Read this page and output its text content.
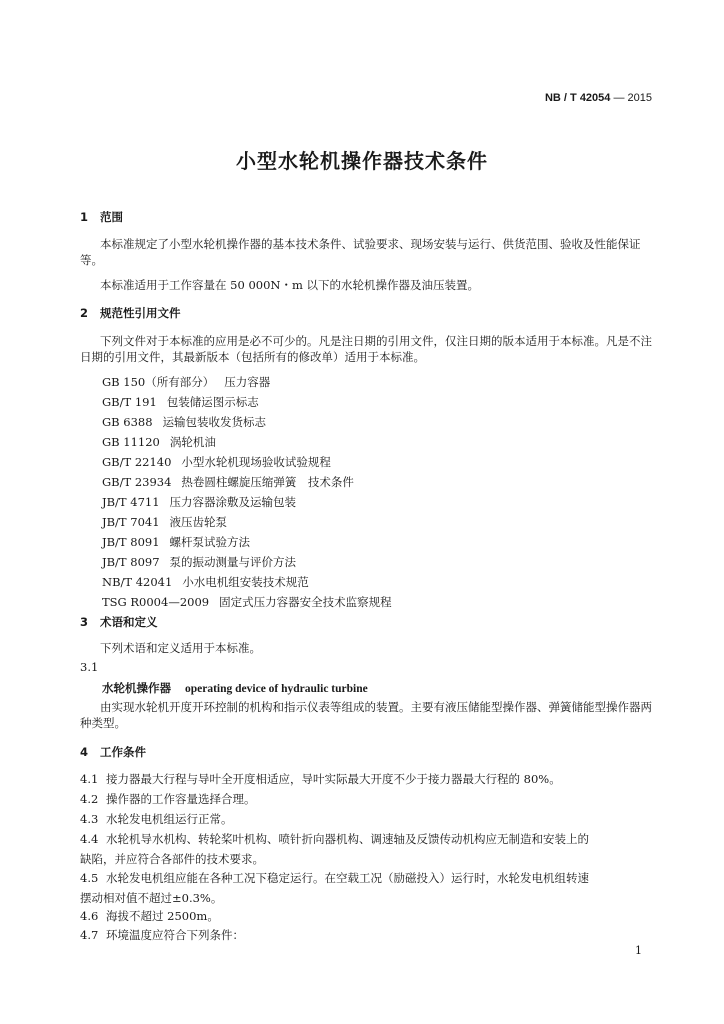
NB / T 42054 — 2015
小型水轮机操作器技术条件
1 范围
本标准规定了小型水轮机操作器的基本技术条件、试验要求、现场安装与运行、供货范围、验收及性能保证等。
本标准适用于工作容量在 50 000N・m 以下的水轮机操作器及油压装置。
2 规范性引用文件
下列文件对于本标准的应用是必不可少的。凡是注日期的引用文件，仅注日期的版本适用于本标准。凡是不注日期的引用文件，其最新版本（包括所有的修改单）适用于本标准。
GB 150（所有部分） 压力容器
GB/T 191 包装储运图示标志
GB 6388 运输包装收发货标志
GB 11120 涡轮机油
GB/T 22140 小型水轮机现场验收试验规程
GB/T 23934 热卷圆柱螺旋压缩弹簧　技术条件
JB/T 4711 压力容器涂敷及运输包装
JB/T 7041 液压齿轮泵
JB/T 8091 螺杆泵试验方法
JB/T 8097 泵的振动测量与评价方法
NB/T 42041 小水电机组安装技术规范
TSG R0004—2009 固定式压力容器安全技术监察规程
3 术语和定义
下列术语和定义适用于本标准。
3.1
水轮机操作器 operating device of hydraulic turbine
由实现水轮机开度开环控制的机构和指示仪表等组成的装置。主要有液压储能型操作器、弹簧储能型操作器两种类型。
4 工作条件
4.1 接力器最大行程与导叶全开度相适应，导叶实际最大开度不少于接力器最大行程的 80%。
4.2 操作器的工作容量选择合理。
4.3 水轮发电机组运行正常。
4.4 水轮机导水机构、转轮桨叶机构、喷针折向器机构、调速轴及反馈传动机构应无制造和安装上的
缺陷，并应符合各部件的技术要求。
4.5 水轮发电机组应能在各种工况下稳定运行。在空载工况（励磁投入）运行时，水轮发电机组转速
摆动相对值不超过±0.3%。
4.6 海拔不超过 2500m。
4.7 环境温度应符合下列条件：
1
